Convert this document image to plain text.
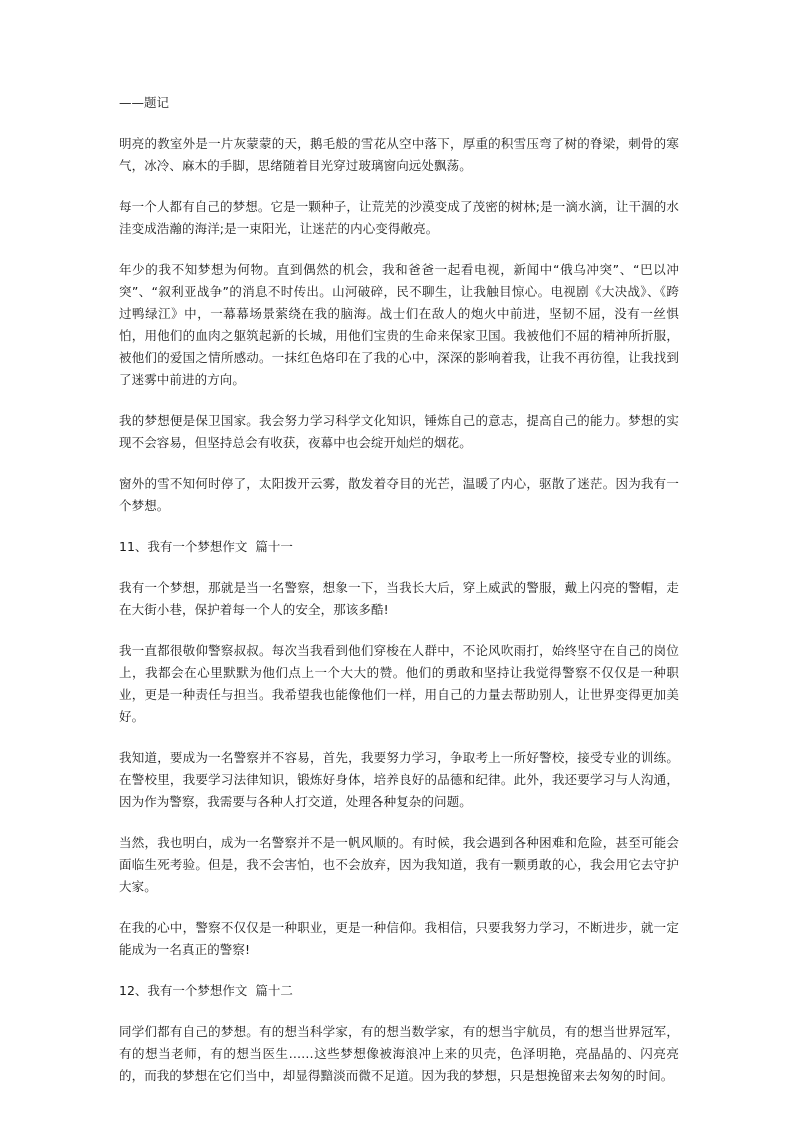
——题记

明亮的教室外是一片灰蒙蒙的天，鹅毛般的雪花从空中落下，厚重的积雪压弯了树的脊梁，刺骨的寒气，冰冷、麻木的手脚，思绪随着目光穿过玻璃窗向远处飘荡。

每一个人都有自己的梦想。它是一颗种子，让荒芜的沙漠变成了茂密的树林;是一滴水滴，让干涸的水洼变成浩瀚的海洋;是一束阳光，让迷茫的内心变得敞亮。

年少的我不知梦想为何物。直到偶然的机会，我和爸爸一起看电视，新闻中“俄乌冲突”、“巴以冲突”、“叙利亚战争”的消息不时传出。山河破碎，民不聊生，让我触目惊心。电视剧《大决战》、《跨过鸭绿江》中，一幕幕场景萦绕在我的脑海。战士们在敌人的炮火中前进，坚韧不屈，没有一丝惧怕，用他们的血肉之躯筑起新的长城，用他们宝贵的生命来保家卫国。我被他们不屈的精神所折服，被他们的爱国之情所感动。一抹红色烙印在了我的心中，深深的影响着我，让我不再彷徨，让我找到了迷雾中前进的方向。

我的梦想便是保卫国家。我会努力学习科学文化知识，锤炼自己的意志，提高自己的能力。梦想的实现不会容易，但坚持总会有收获，夜幕中也会绽开灿烂的烟花。

窗外的雪不知何时停了，太阳拨开云雾，散发着夺目的光芒，温暖了内心，驱散了迷茫。因为我有一个梦想。

11、我有一个梦想作文  篇十一

我有一个梦想，那就是当一名警察，想象一下，当我长大后，穿上威武的警服，戴上闪亮的警帽，走在大街小巷，保护着每一个人的安全，那该多酷!

我一直都很敬仰警察叔叔。每次当我看到他们穿梭在人群中，不论风吹雨打，始终坚守在自己的岗位上，我都会在心里默默为他们点上一个大大的赞。他们的勇敢和坚持让我觉得警察不仅仅是一种职业，更是一种责任与担当。我希望我也能像他们一样，用自己的力量去帮助别人，让世界变得更加美好。

我知道，要成为一名警察并不容易，首先，我要努力学习，争取考上一所好警校，接受专业的训练。在警校里，我要学习法律知识，锻炼好身体，培养良好的品德和纪律。此外，我还要学习与人沟通，因为作为警察，我需要与各种人打交道，处理各种复杂的问题。

当然，我也明白，成为一名警察并不是一帆风顺的。有时候，我会遇到各种困难和危险，甚至可能会面临生死考验。但是，我不会害怕，也不会放弃，因为我知道，我有一颗勇敢的心，我会用它去守护大家。

在我的心中，警察不仅仅是一种职业，更是一种信仰。我相信，只要我努力学习，不断进步，就一定能成为一名真正的警察!

12、我有一个梦想作文  篇十二

同学们都有自己的梦想。有的想当科学家，有的想当数学家，有的想当宇航员，有的想当世界冠军，有的想当老师，有的想当医生……这些梦想像被海浪冲上来的贝壳，色泽明艳，亮晶晶的、闪亮亮的，而我的梦想在它们当中，却显得黯淡而微不足道。因为我的梦想，只是想挽留来去匆匆的时间。
